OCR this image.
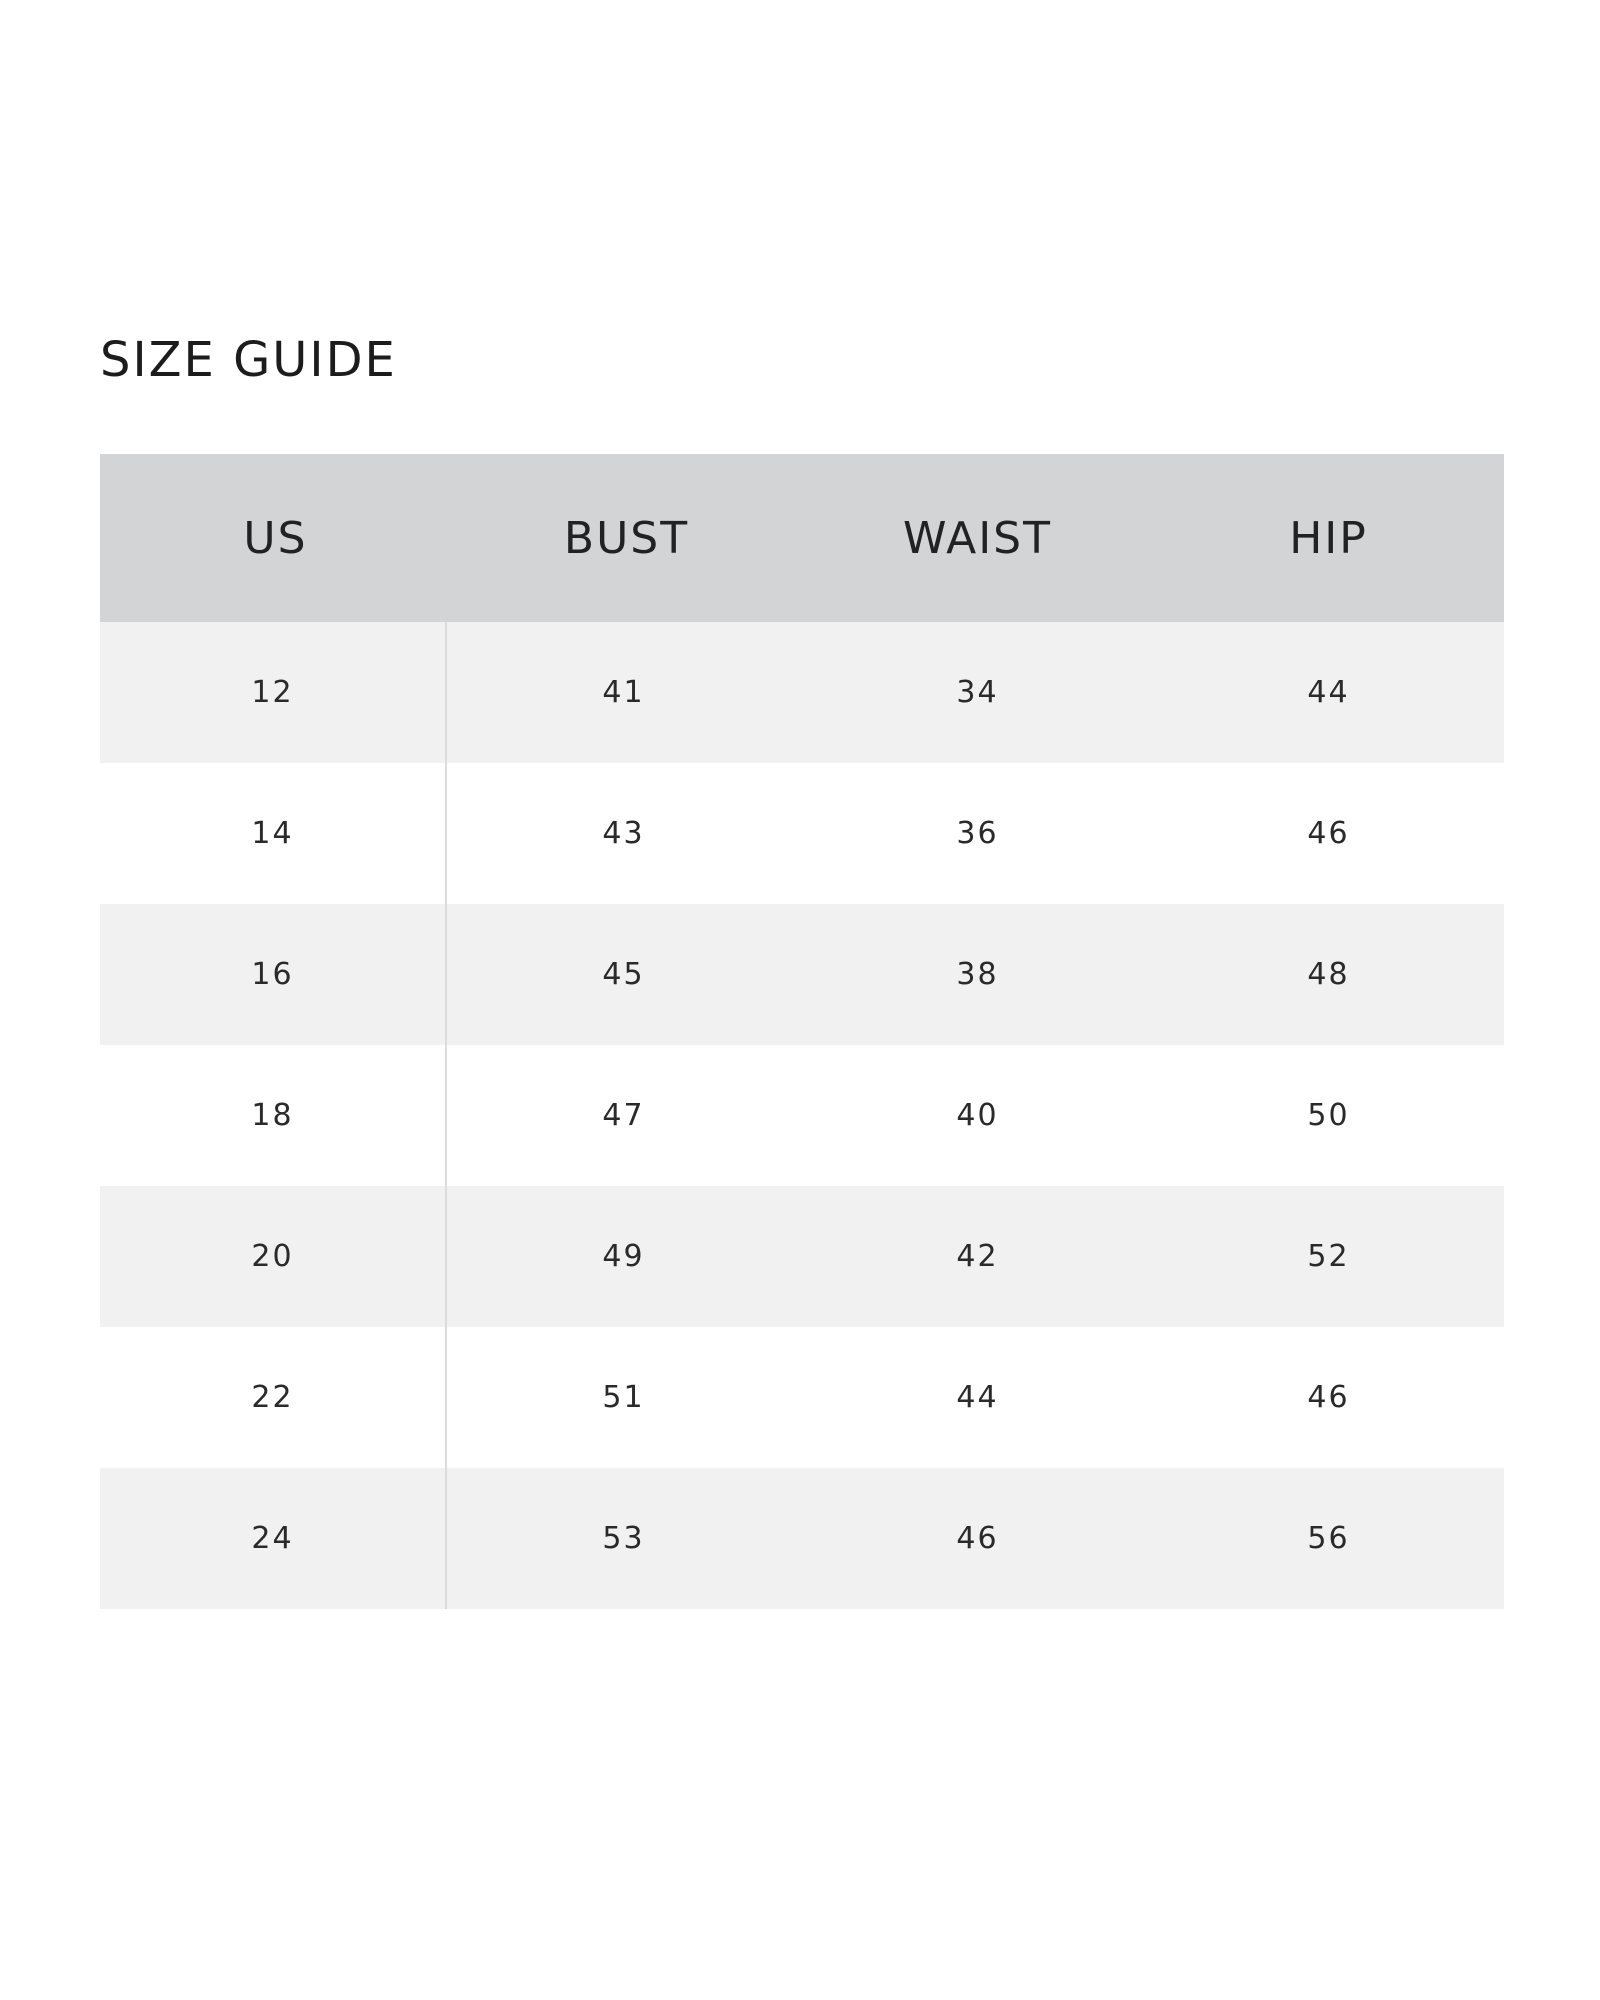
SIZE GUIDE
US	BUST	WAIST	HIP
12	41	34	44
14	43	36	46
16	45	38	48
18	47	40	50
20	49	42	52
22	51	44	46
24	53	46	56
